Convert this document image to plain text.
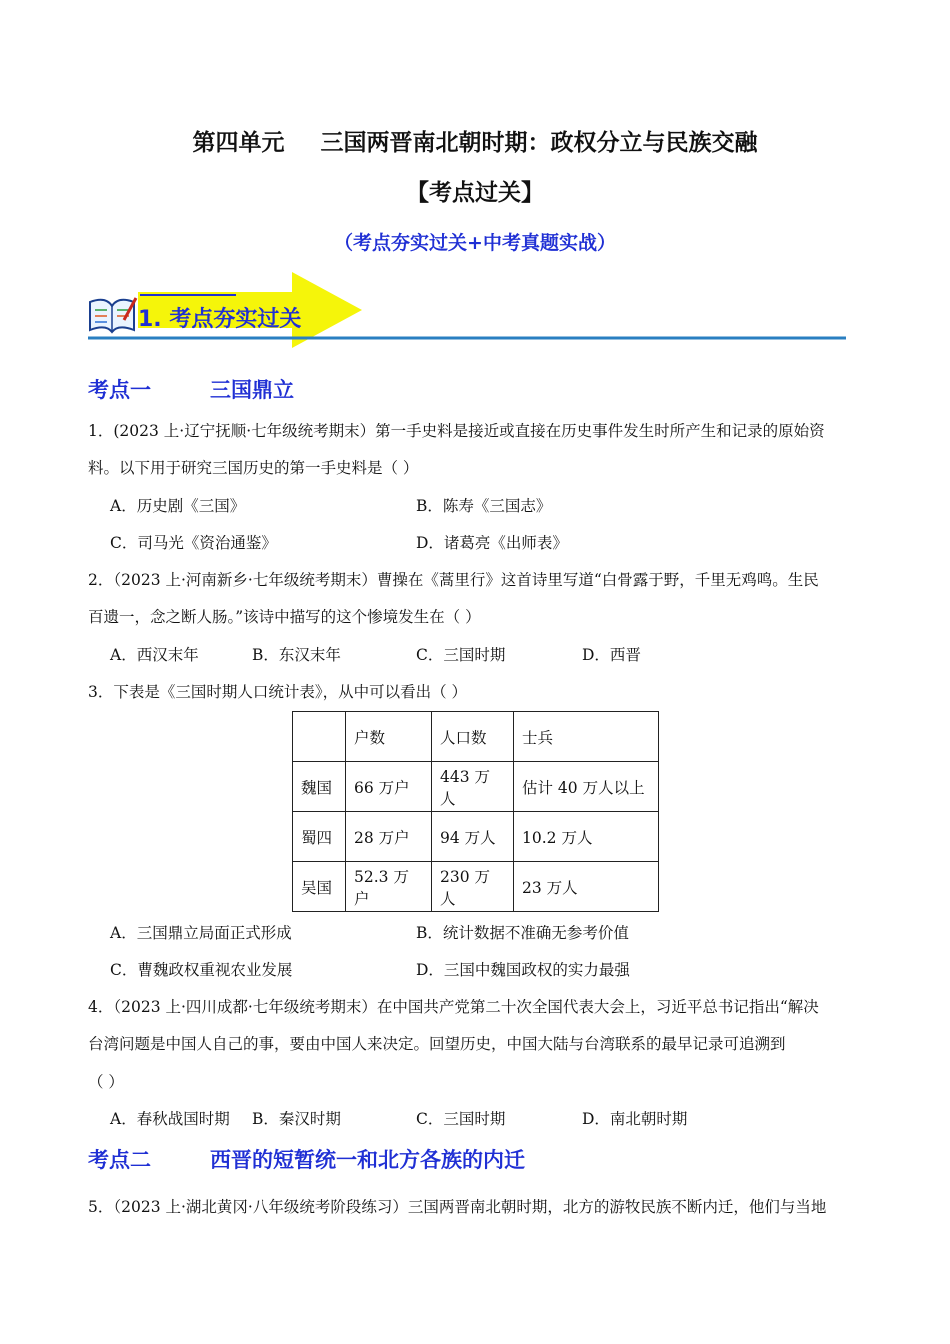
第四单元 三国两晋南北朝时期：政权分立与民族交融
【考点过关】
（考点夯实过关+中考真题实战）
1. 考点夯实过关
考点一	三国鼎立
1．(2023 上·辽宁抚顺·七年级统考期末）第一手史料是接近或直接在历史事件发生时所产生和记录的原始资
料。以下用于研究三国历史的第一手史料是（ ）
A．历史剧《三国》	B．陈寿《三国志》
C．司马光《资治通鉴》	D．诸葛亮《出师表》
2．（2023 上·河南新乡·七年级统考期末）曹操在《蒿里行》这首诗里写道“白骨露于野，千里无鸡鸣。生民
百遗一，念之断人肠。”该诗中描写的这个惨境发生在（ ）
A．西汉末年	B．东汉末年	C．三国时期	D．西晋
3．下表是《三国时期人口统计表》，从中可以看出（ ）
	户数	人口数	士兵
魏国	66 万户	443 万人	估计 40 万人以上
蜀四	28 万户	94 万人	10.2 万人
吴国	52.3 万户	230 万人	23 万人
A．三国鼎立局面正式形成	B．统计数据不准确无参考价值
C．曹魏政权重视农业发展	D．三国中魏国政权的实力最强
4．（2023 上·四川成都·七年级统考期末）在中国共产党第二十次全国代表大会上，习近平总书记指出“解决
台湾问题是中国人自己的事，要由中国人来决定。回望历史，中国大陆与台湾联系的最早记录可追溯到
（ ）
A．春秋战国时期 B．秦汉时期	C．三国时期	D．南北朝时期
考点二	西晋的短暂统一和北方各族的内迁
5．（2023 上·湖北黄冈·八年级统考阶段练习）三国两晋南北朝时期，北方的游牧民族不断内迁，他们与当地
